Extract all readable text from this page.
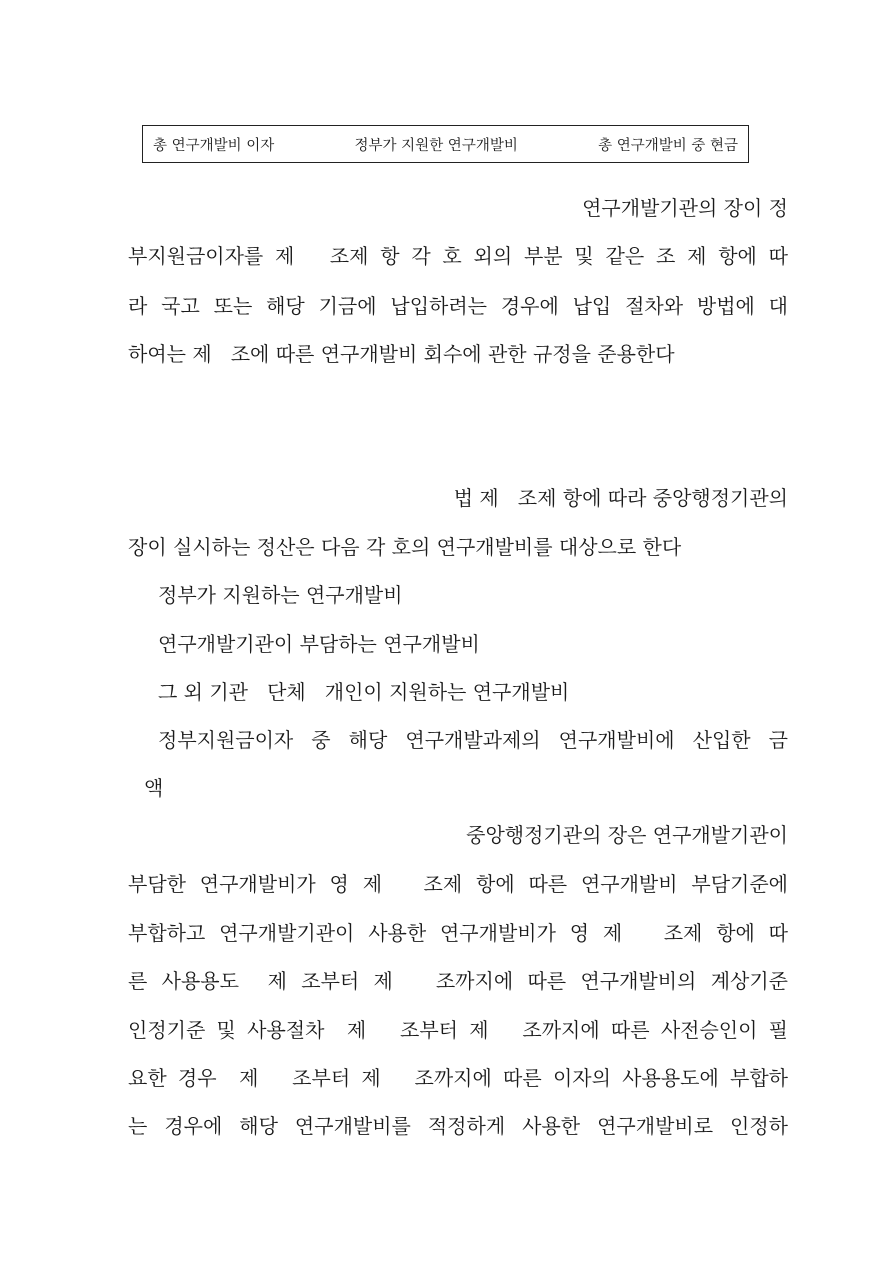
총 연구개발비 이자	정부가 지원한 연구개발비	총 연구개발비 중 현금
연구개발기관의 장이 정
부지원금이자를 제   조제 항 각 호 외의 부분 및 같은 조 제 항에 따
라 국고 또는 해당 기금에 납입하려는 경우에 납입 절차와 방법에 대
하여는 제   조에 따른 연구개발비 회수에 관한 규정을 준용한다
법 제   조제 항에 따라 중앙행정기관의
장이 실시하는 정산은 다음 각 호의 연구개발비를 대상으로 한다
정부가 지원하는 연구개발비
연구개발기관이 부담하는 연구개발비
그 외 기관   단체   개인이 지원하는 연구개발비
정부지원금이자 중 해당 연구개발과제의 연구개발비에 산입한 금
액
중앙행정기관의 장은 연구개발기관이
부담한 연구개발비가 영 제   조제 항에 따른 연구개발비 부담기준에
부합하고 연구개발기관이 사용한 연구개발비가 영 제   조제 항에 따
른 사용용도  제 조부터 제   조까지에 따른 연구개발비의 계상기준
인정기준 및 사용절차  제   조부터 제   조까지에 따른 사전승인이 필
요한 경우  제   조부터 제   조까지에 따른 이자의 사용용도에 부합하
는 경우에 해당 연구개발비를 적정하게 사용한 연구개발비로 인정하
